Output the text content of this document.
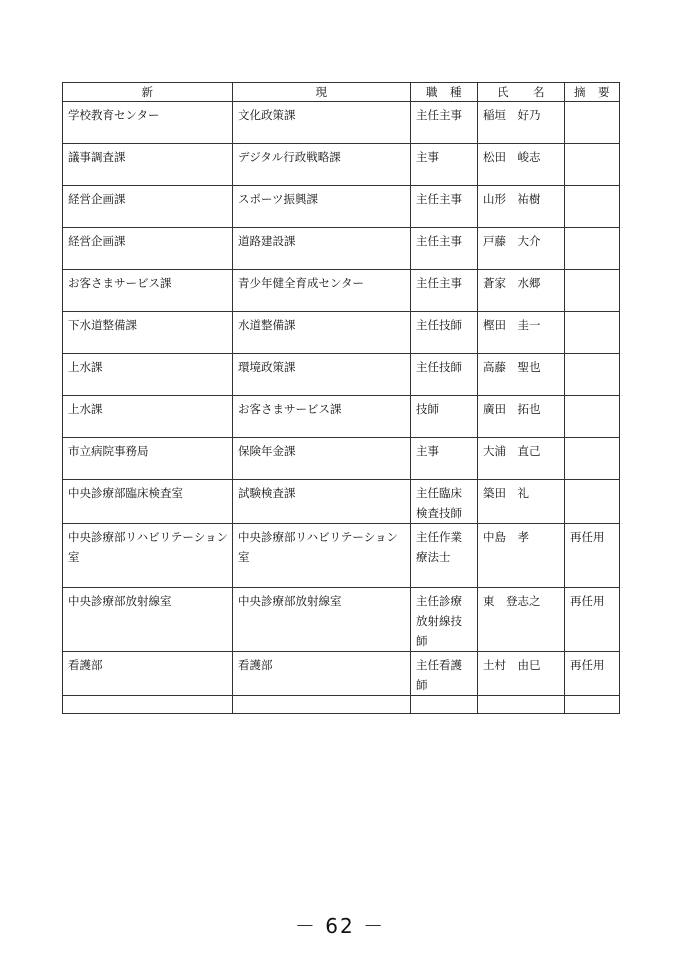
新	現	職　種	氏　　名	摘　要
学校教育センター	文化政策課	主任主事	稲垣　好乃	
議事調査課	デジタル行政戦略課	主事	松田　峻志	
経営企画課	スポーツ振興課	主任主事	山形　祐樹	
経営企画課	道路建設課	主任主事	戸藤　大介	
お客さまサービス課	青少年健全育成センター	主任主事	蒼家　水郷	
下水道整備課	水道整備課	主任技師	樫田　圭一	
上水課	環境政策課	主任技師	高藤　聖也	
上水課	お客さまサービス課	技師	廣田　拓也	
市立病院事務局	保険年金課	主事	大浦　直己	
中央診療部臨床検査室	試験検査課	主任臨床検査技師	築田　礼	
中央診療部リハビリテーション室	中央診療部リハビリテーション室	主任作業療法士	中島　孝	再任用
中央診療部放射線室	中央診療部放射線室	主任診療放射線技師	東　登志之	再任用
看護部	看護部	主任看護師	土村　由巳	再任用

－ 62 －
